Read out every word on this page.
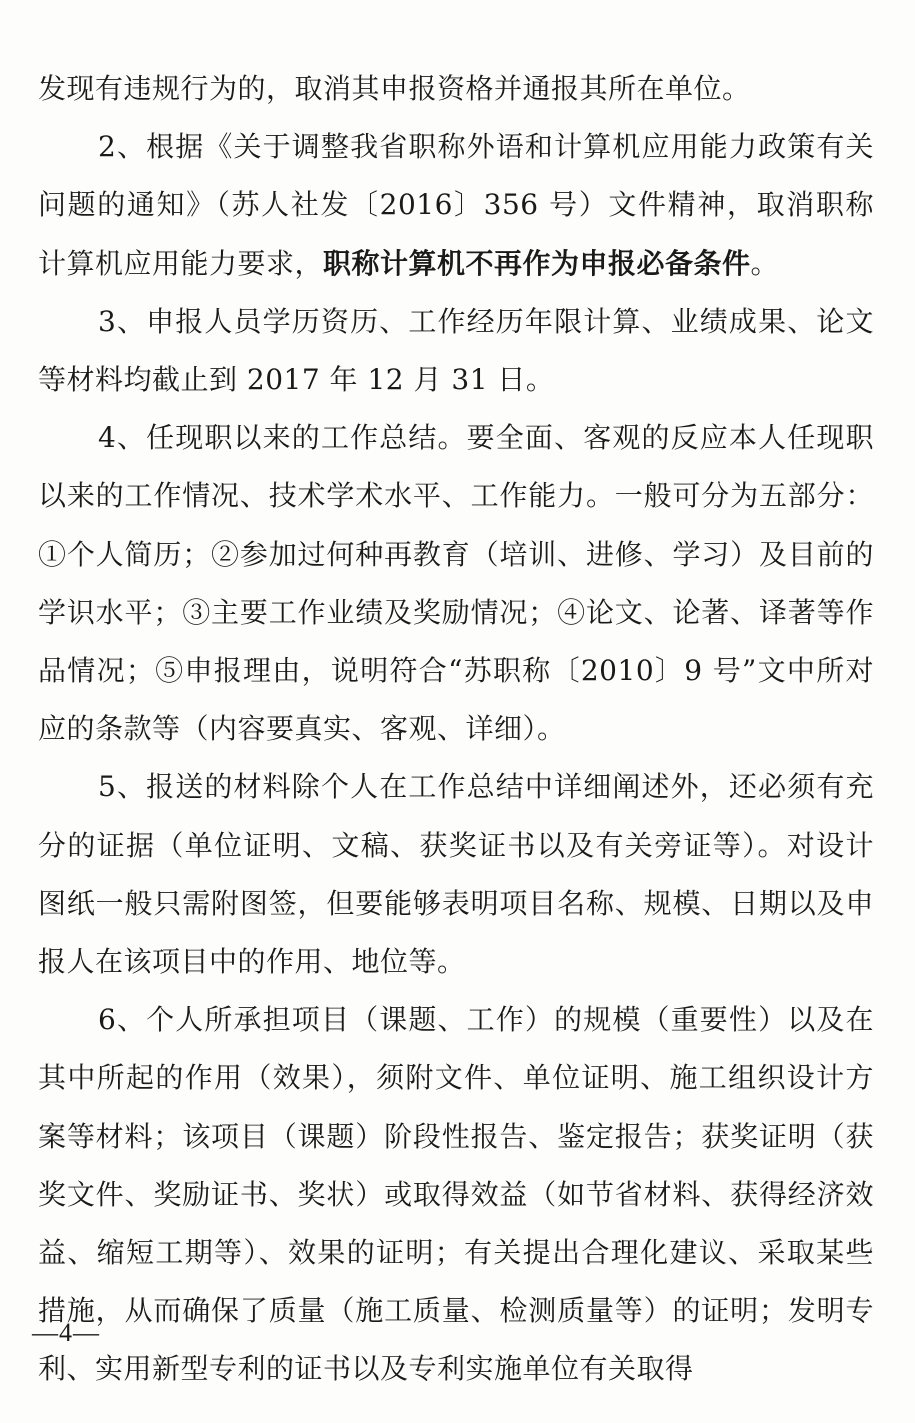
发现有违规行为的，取消其申报资格并通报其所在单位。

2、根据《关于调整我省职称外语和计算机应用能力政策有关问题的通知》（苏人社发〔2016〕356 号）文件精神，取消职称计算机应用能力要求，职称计算机不再作为申报必备条件。

3、申报人员学历资历、工作经历年限计算、业绩成果、论文等材料均截止到 2017 年 12 月 31 日。

4、任现职以来的工作总结。要全面、客观的反应本人任现职以来的工作情况、技术学术水平、工作能力。一般可分为五部分：①个人简历；②参加过何种再教育（培训、进修、学习）及目前的学识水平；③主要工作业绩及奖励情况；④论文、论著、译著等作品情况；⑤申报理由，说明符合“苏职称〔2010〕9 号”文中所对应的条款等（内容要真实、客观、详细）。

5、报送的材料除个人在工作总结中详细阐述外，还必须有充分的证据（单位证明、文稿、获奖证书以及有关旁证等）。对设计图纸一般只需附图签，但要能够表明项目名称、规模、日期以及申报人在该项目中的作用、地位等。

6、个人所承担项目（课题、工作）的规模（重要性）以及在其中所起的作用（效果），须附文件、单位证明、施工组织设计方案等材料；该项目（课题）阶段性报告、鉴定报告；获奖证明（获奖文件、奖励证书、奖状）或取得效益（如节省材料、获得经济效益、缩短工期等）、效果的证明；有关提出合理化建议、采取某些措施，从而确保了质量（施工质量、检测质量等）的证明；发明专利、实用新型专利的证书以及专利实施单位有关取得

—4—
